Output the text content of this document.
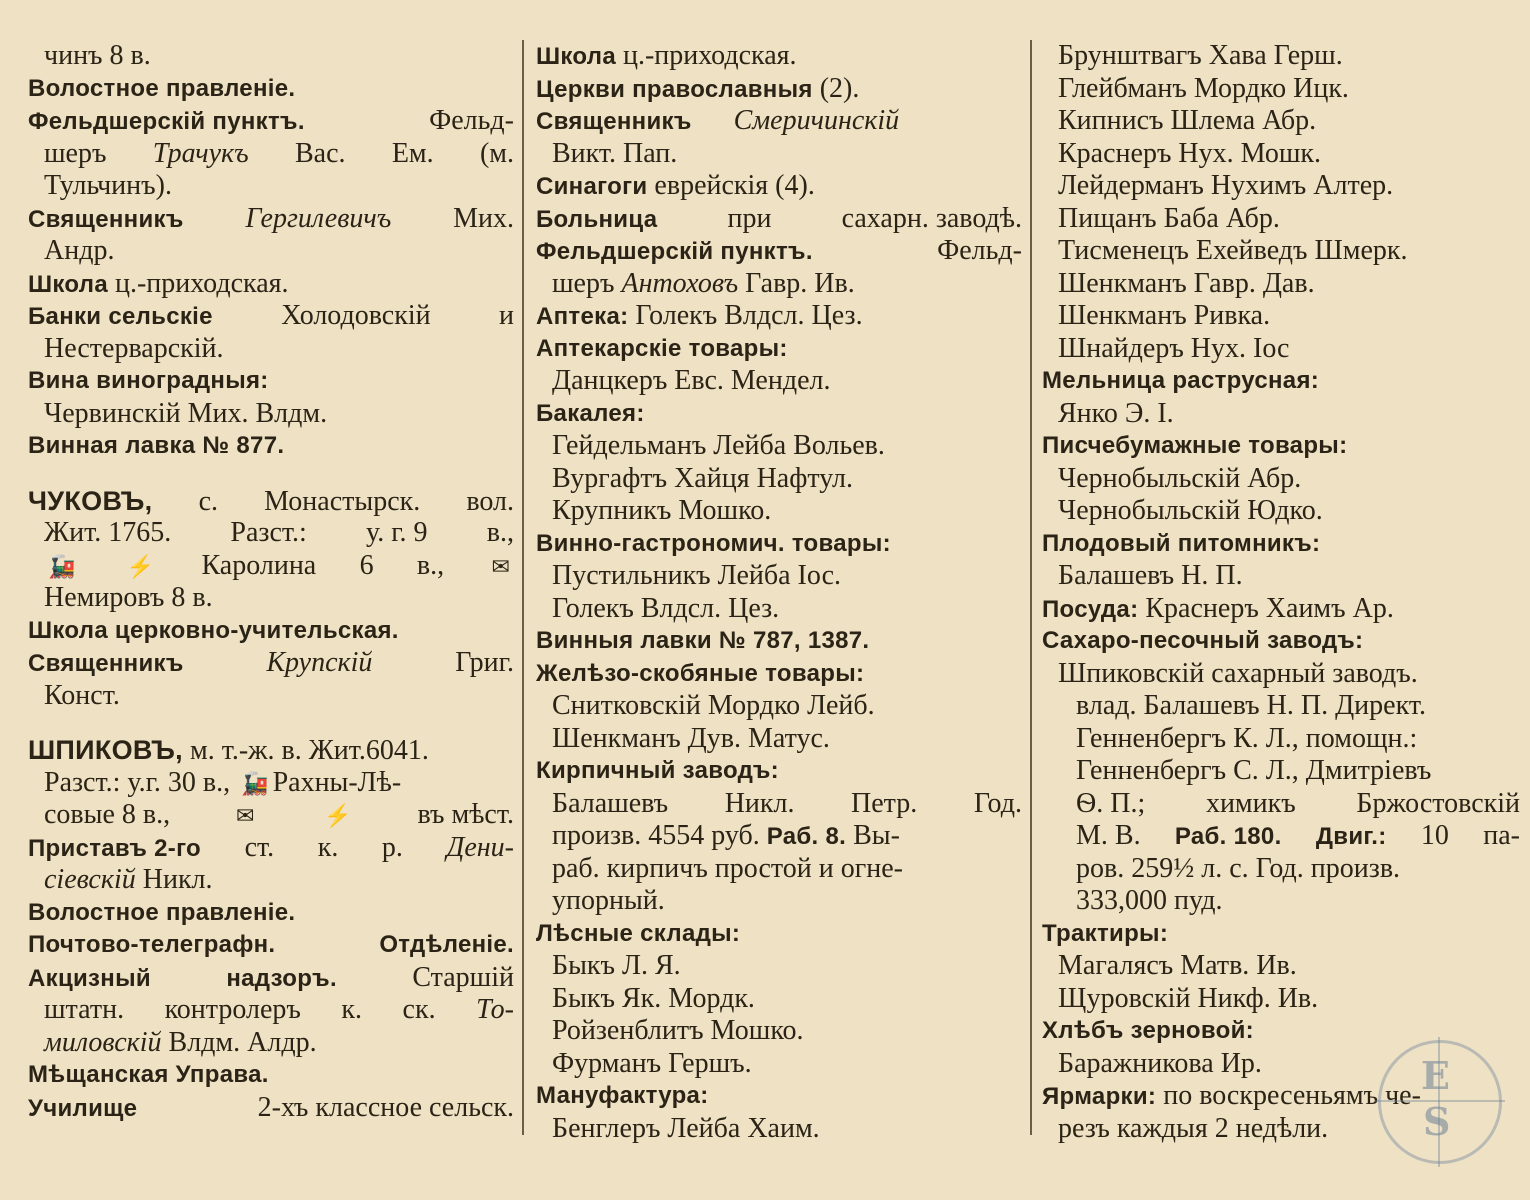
чинъ 8 в.
Волостное правленiе.
Фельдшерскiй пунктъ.	Фельд-
шеръ Трачукъ Вас. Ем. (м.
Тульчинъ).
Священникъ Гергилевичъ Мих.
Андр.
Школа ц.-приходская.
Банки сельскiе Холодовскiй и
Нестерварскiй.
Вина виноградныя:
Червинскiй Мих. Влдм.
Винная лавка № 877.
ЧУКОВЪ, с. Монастырск. вол.
Жит. 1765. Разст.: у. г. 9 в.,
🚂 ⚡ Каролина 6 в., ✉
Немировъ 8 в.
Школа церковно-учительская.
Священникъ	Крупскiй	Григ.
Конст.
ШПИКОВЪ, м. т.-ж. в. Жит.6041.
Разст.: у.г. 30 в., 🚂 Рахны-Лѣ-
совые 8 в.,	✉	⚡ въ мѣст.
Приставъ 2-го ст. к. р. Дени-
сiевскiй Никл.
Волостное правленiе.
Почтово-телеграфн.	Отдѣленiе.
Акцизный	надзоръ.	Старшiй
штатн. контролеръ к. ск. То-
миловскiй Влдм. Алдр.
Мѣщанская Управа.
Училище	2-хъ классное сельск.
Школа ц.-приходская.
Церкви православныя (2).
Священникъ Смеричинскiй
Викт. Пап.
Синагоги еврейскiя (4).
Больница	при	сахарн. заводѣ.
Фельдшерскiй пунктъ.	Фельд-
шеръ Антоховъ Гавр. Ив.
Аптека: Голекъ Влдсл. Цез.
Аптекарскiе товары:
Данцкеръ Евс. Мендел.
Бакалея:
Гейдельманъ Лейба Вольев.
Вургафтъ Хайця Нафтул.
Крупникъ Мошко.
Винно-гастрономич. товары:
Пустильникъ Лейба Iос.
Голекъ Влдсл. Цез.
Винныя лавки № 787, 1387.
Желѣзо-скобяные товары:
Снитковскiй Мордко Лейб.
Шенкманъ Дув. Матус.
Кирпичный заводъ:
Балашевъ Никл. Петр. Год.
произв. 4554 руб. Раб. 8. Вы-
раб. кирпичъ простой и огне-
упорный.
Лѣсные склады:
Быкъ Л. Я.
Быкъ Як. Мордк.
Ройзенблитъ Мошко.
Фурманъ Гершъ.
Мануфактура:
Бенглеръ Лейба Хаим.
Брунштвагъ Хава Герш.
Глейбманъ Мордко Ицк.
Кипнисъ Шлема Абр.
Краснеръ Нух. Мошк.
Лейдерманъ Нухимъ Алтер.
Пищанъ Баба Абр.
Тисменецъ Ехейведъ Шмерк.
Шенкманъ Гавр. Дав.
Шенкманъ Ривка.
Шнайдеръ Нух. Iос
Мельница раструсная:
Янко Э. I.
Писчебумажные товары:
Чернобыльскiй Абр.
Чернобыльскiй Юдко.
Плодовый питомникъ:
Балашевъ Н. П.
Посуда: Краснеръ Хаимъ Ар.
Сахаро-песочный заводъ:
Шпиковскiй сахарный заводъ.
влад. Балашевъ Н. П. Директ.
Генненбергъ К. Л., помощн.:
Генненбергъ С. Л., Дмитрiевъ
Ѳ. П.; химикъ Бржостовскiй
М. В. Раб. 180. Двиг.: 10 па-
ров. 259½ л. с. Год. произв.
333,000 пуд.
Трактиры:
Магалясъ Матв. Ив.
Щуровскiй Никф. Ив.
Хлѣбъ зерновой:
Баражникова Ир.
Ярмарки: по воскресеньямъ че-
резъ каждыя 2 недѣли.
E
S
